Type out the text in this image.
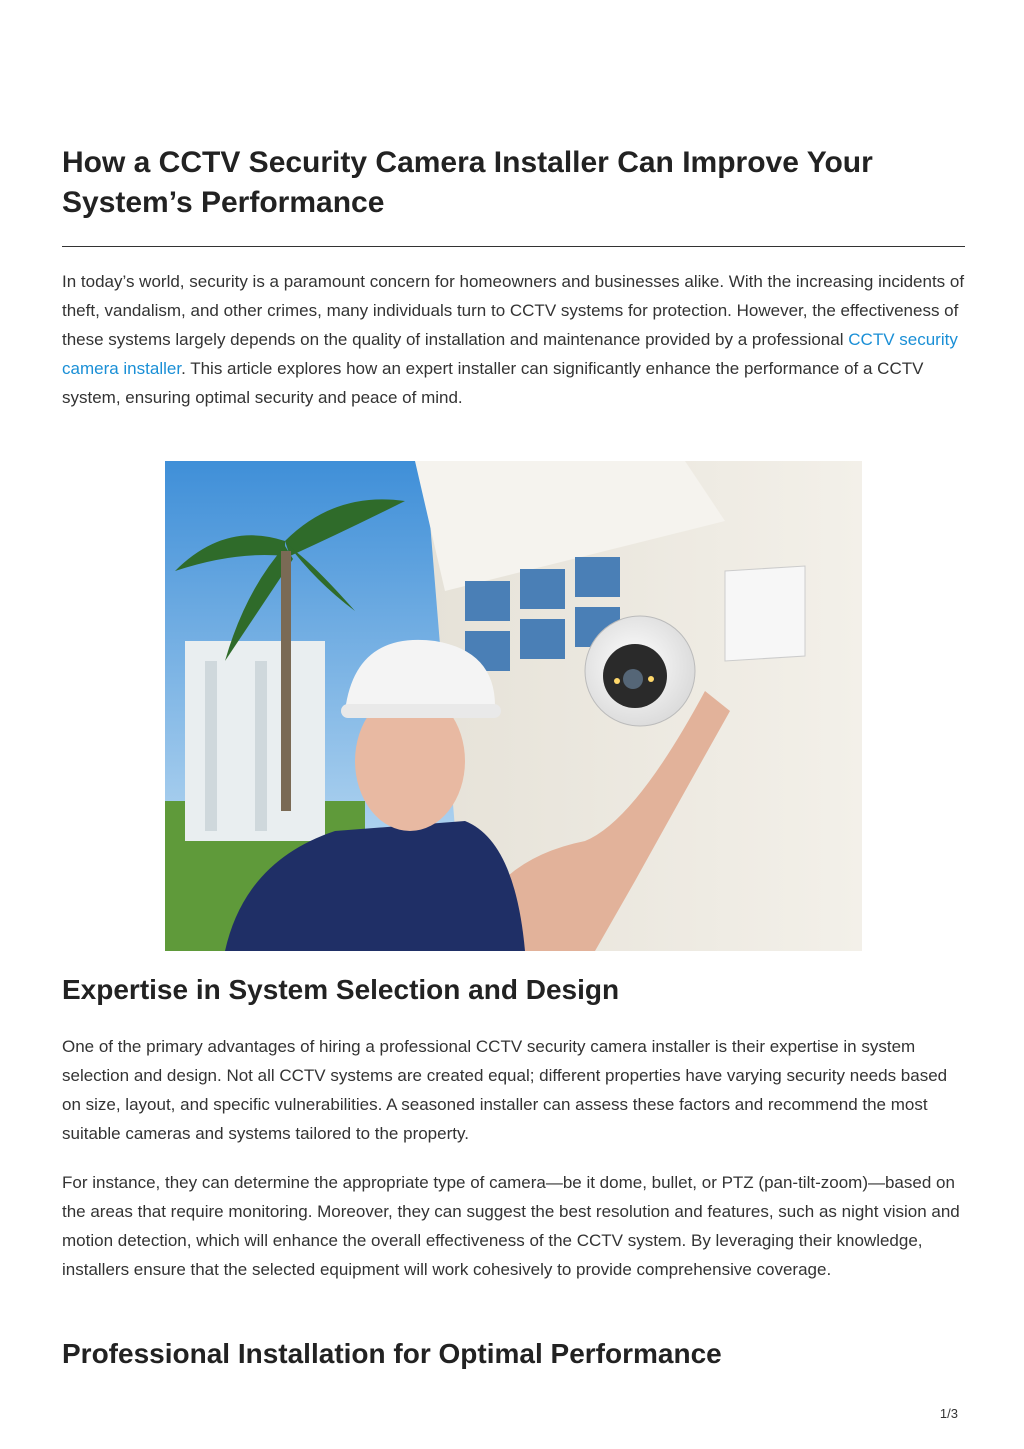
How a CCTV Security Camera Installer Can Improve Your System’s Performance

In today’s world, security is a paramount concern for homeowners and businesses alike. With the increasing incidents of theft, vandalism, and other crimes, many individuals turn to CCTV systems for protection. However, the effectiveness of these systems largely depends on the quality of installation and maintenance provided by a professional CCTV security camera installer. This article explores how an expert installer can significantly enhance the performance of a CCTV system, ensuring optimal security and peace of mind.

Expertise in System Selection and Design

One of the primary advantages of hiring a professional CCTV security camera installer is their expertise in system selection and design. Not all CCTV systems are created equal; different properties have varying security needs based on size, layout, and specific vulnerabilities. A seasoned installer can assess these factors and recommend the most suitable cameras and systems tailored to the property.

For instance, they can determine the appropriate type of camera—be it dome, bullet, or PTZ (pan-tilt-zoom)—based on the areas that require monitoring. Moreover, they can suggest the best resolution and features, such as night vision and motion detection, which will enhance the overall effectiveness of the CCTV system. By leveraging their knowledge, installers ensure that the selected equipment will work cohesively to provide comprehensive coverage.

Professional Installation for Optimal Performance
1/3
